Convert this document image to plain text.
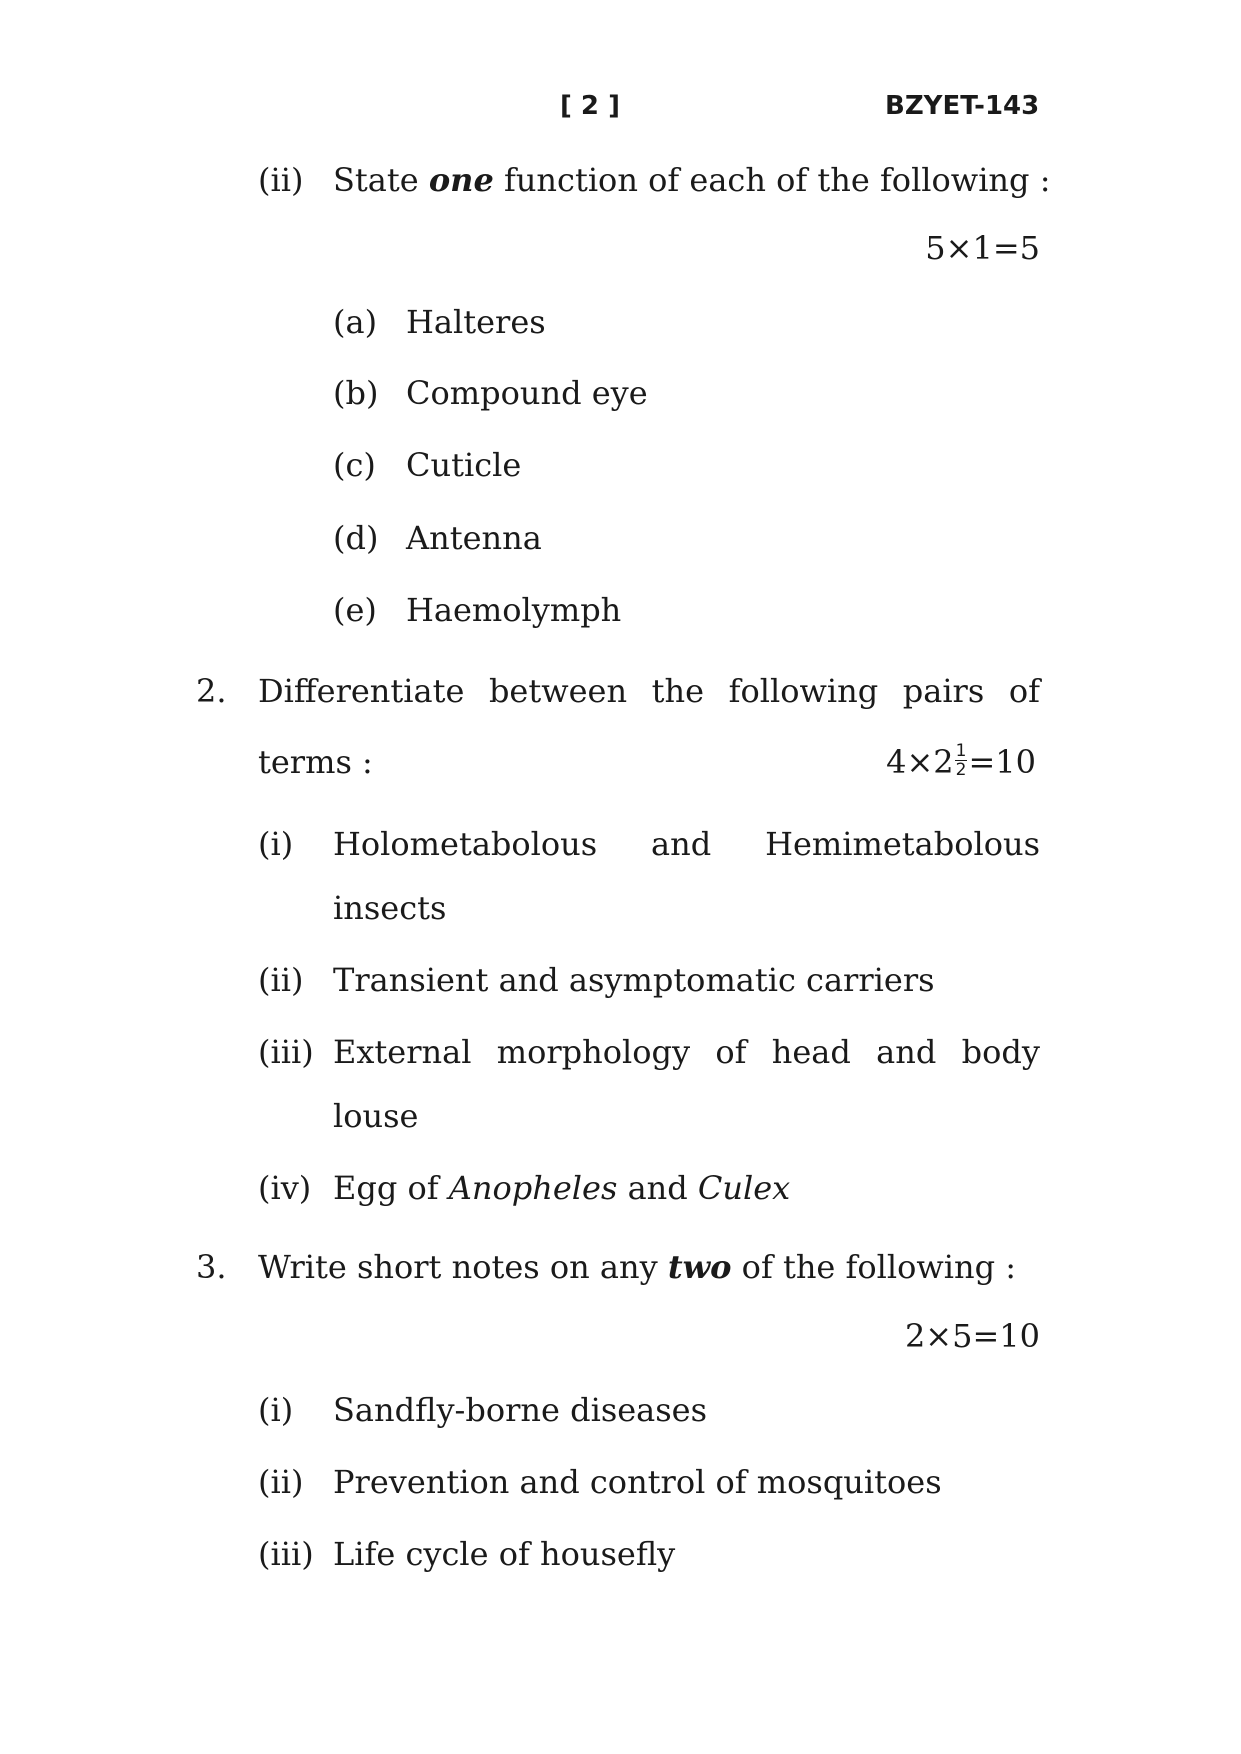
[ 2 ]	BZYET-143
(ii) State one function of each of the following :
5×1=5
(a) Halteres
(b) Compound eye
(c) Cuticle
(d) Antenna
(e) Haemolymph
2. Differentiate between the following pairs of
terms :	$4\times 2 \frac{1}{2} =10$
(i) Holometabolous and Hemimetabolous
insects
(ii) Transient and asymptomatic carriers
(iii) External morphology of head and body
louse
(iv) Egg of Anopheles and Culex
3. Write short notes on any two of the following :
2×5=10
(i) Sandfly-borne diseases
(ii) Prevention and control of mosquitoes
(iii) Life cycle of housefly
